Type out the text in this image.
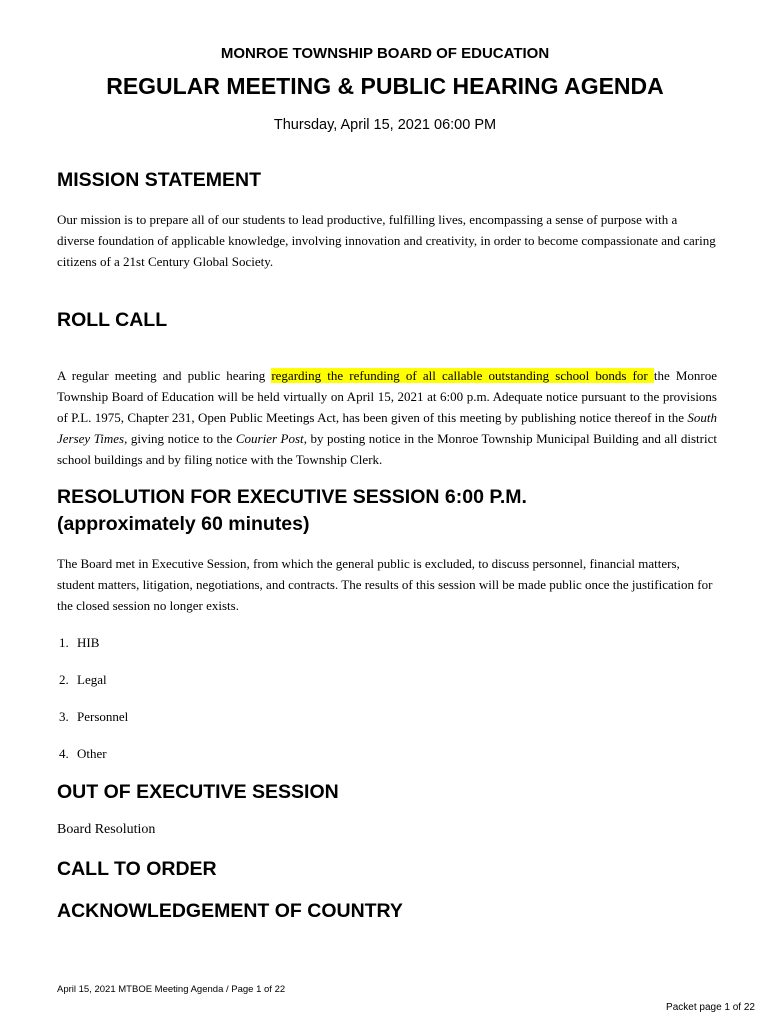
MONROE TOWNSHIP BOARD OF EDUCATION
REGULAR MEETING & PUBLIC HEARING AGENDA
Thursday, April 15, 2021 06:00 PM
MISSION STATEMENT
Our mission is to prepare all of our students to lead productive, fulfilling lives, encompassing a sense of purpose with a diverse foundation of applicable knowledge, involving innovation and creativity, in order to become compassionate and caring citizens of a 21st Century Global Society.
ROLL CALL
A regular meeting and public hearing regarding the refunding of all callable outstanding school bonds for the Monroe Township Board of Education will be held virtually on April 15, 2021 at 6:00 p.m. Adequate notice pursuant to the provisions of P.L. 1975, Chapter 231, Open Public Meetings Act, has been given of this meeting by publishing notice thereof in the South Jersey Times, giving notice to the Courier Post, by posting notice in the Monroe Township Municipal Building and all district school buildings and by filing notice with the Township Clerk.
RESOLUTION FOR EXECUTIVE SESSION 6:00 P.M.
(approximately 60 minutes)
The Board met in Executive Session, from which the general public is excluded, to discuss personnel, financial matters, student matters, litigation, negotiations, and contracts. The results of this session will be made public once the justification for the closed session no longer exists.
1. HIB
2. Legal
3. Personnel
4. Other
OUT OF EXECUTIVE SESSION
Board Resolution
CALL TO ORDER
ACKNOWLEDGEMENT OF COUNTRY
April 15, 2021 MTBOE Meeting Agenda / Page 1 of 22
Packet page 1 of 22
